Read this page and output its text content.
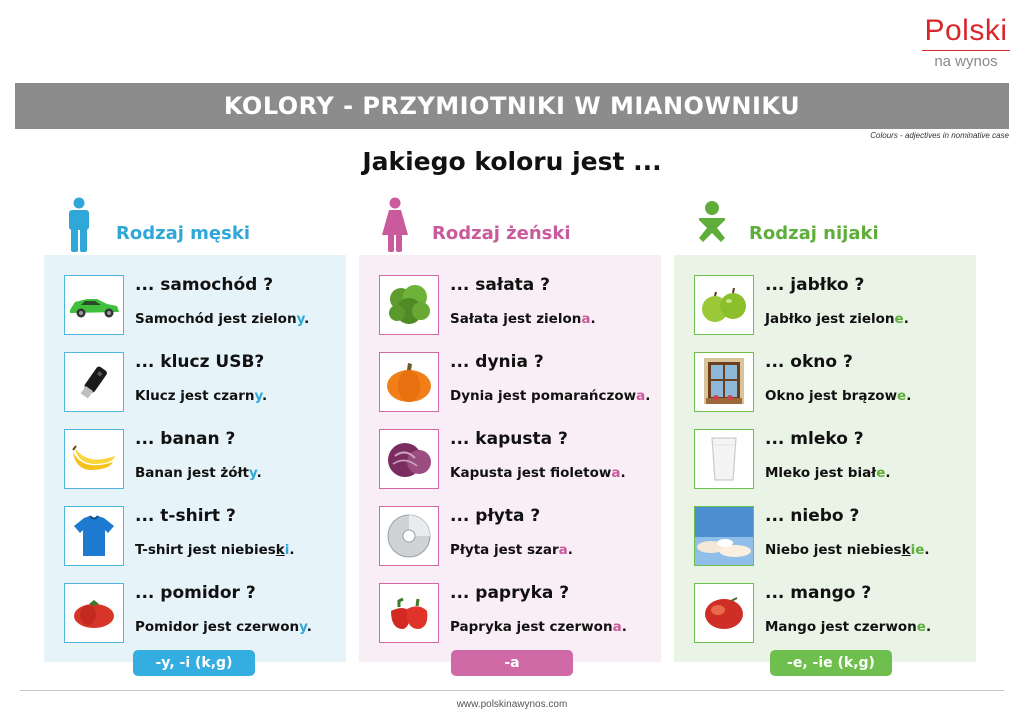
Polski
na wynos
KOLORY - PRZYMIOTNIKI W MIANOWNIKU
Colours - adjectives in nominative case
Jakiego koloru jest ...
Rodzaj męski	Rodzaj żeński	Rodzaj nijaki
... samochód ?
Samochód jest zielony.
... klucz USB?
Klucz jest czarny.
... banan ?
Banan jest żółty.
... t-shirt ?
T-shirt jest niebieski.
... pomidor ?
Pomidor jest czerwony.
... sałata ?
Sałata jest zielona.
... dynia ?
Dynia jest pomarańczowa.
... kapusta ?
Kapusta jest fioletowa.
... płyta ?
Płyta jest szara.
... papryka ?
Papryka jest czerwona.
... jabłko ?
Jabłko jest zielone.
... okno ?
Okno jest brązowe.
... mleko ?
Mleko jest białe.
... niebo ?
Niebo jest niebieskie.
... mango ?
Mango jest czerwone.
-y, -i (k,g)	-a	-e, -ie (k,g)
www.polskinawynos.com
